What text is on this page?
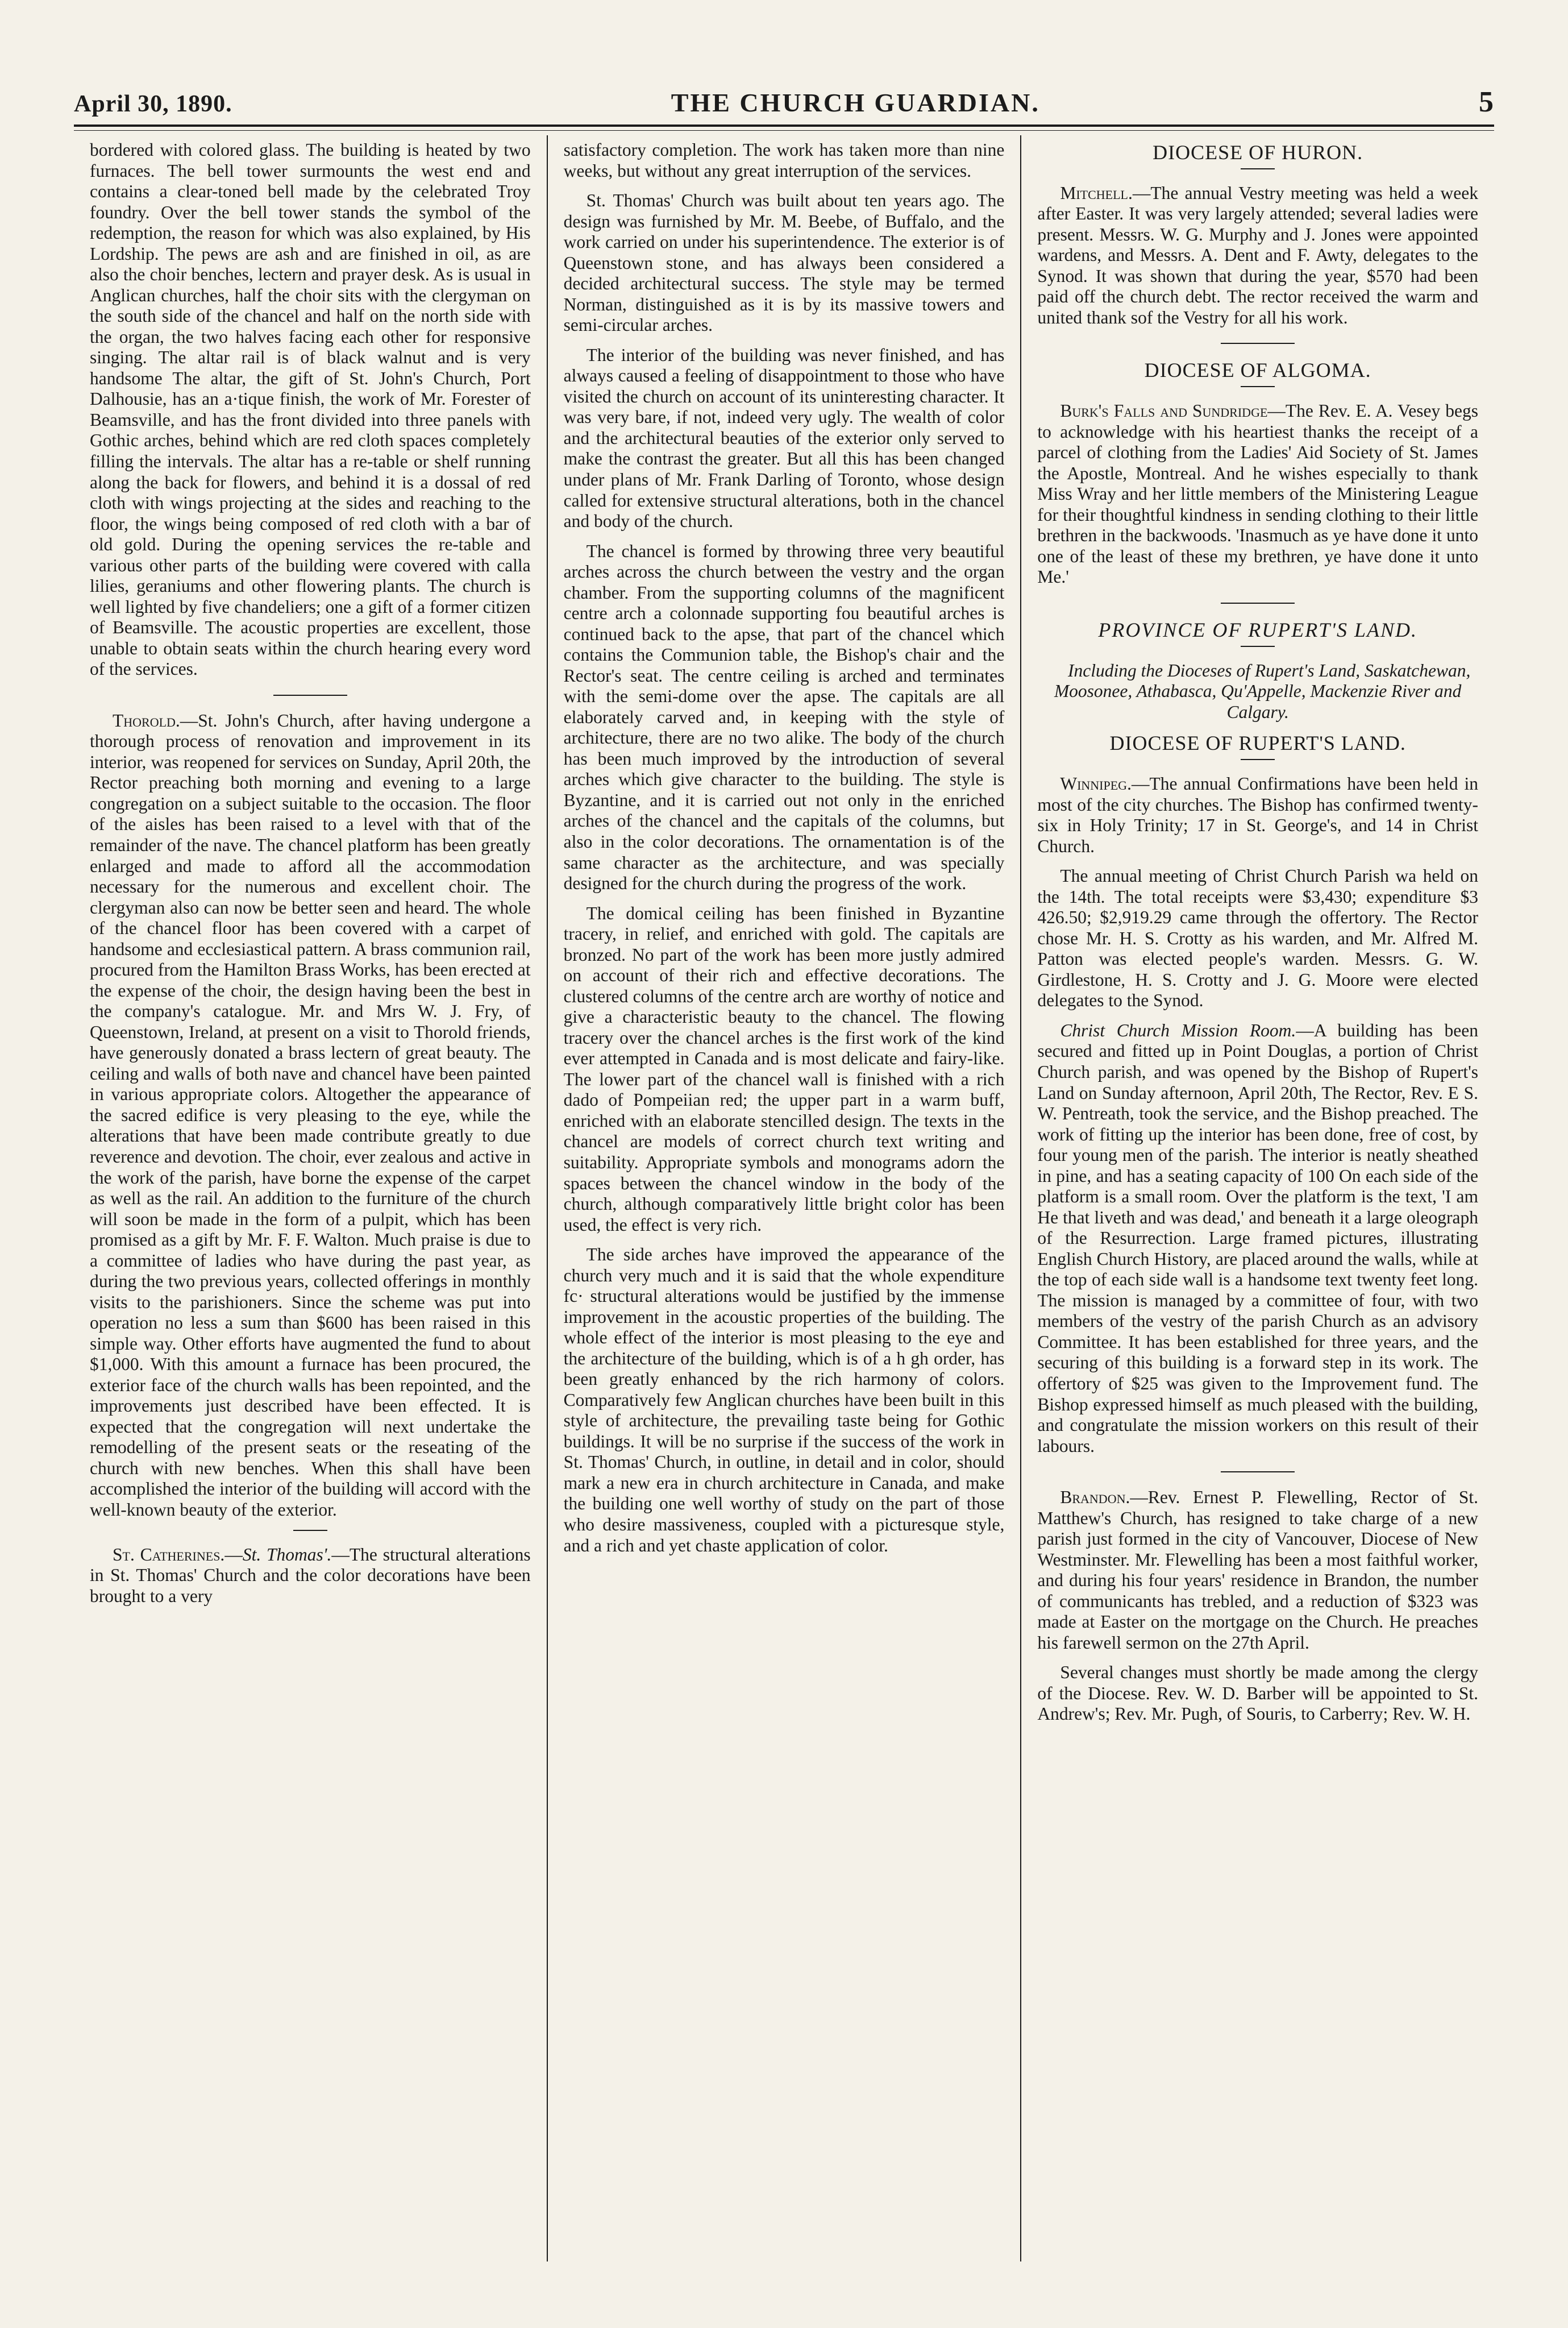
April 30, 1890.	THE CHURCH GUARDIAN.	5

bordered with colored glass. The building is heated by two furnaces. The bell tower surmounts the west end and contains a clear-toned bell made by the celebrated Troy foundry. Over the bell tower stands the symbol of the redemption, the reason for which was also explained, by His Lordship. The pews are ash and are finished in oil, as are also the choir benches, lectern and prayer desk. As is usual in Anglican churches, half the choir sits with the clergyman on the south side of the chancel and half on the north side with the organ, the two halves facing each other for responsive singing. The altar rail is of black walnut and is very handsome The altar, the gift of St. John's Church, Port Dalhousie, has an a·tique finish, the work of Mr. Forester of Beamsville, and has the front divided into three panels with Gothic arches, behind which are red cloth spaces completely filling the intervals. The altar has a re-table or shelf running along the back for flowers, and behind it is a dossal of red cloth with wings projecting at the sides and reaching to the floor, the wings being composed of red cloth with a bar of old gold. During the opening services the re-table and various other parts of the building were covered with calla lilies, geraniums and other flowering plants. The church is well lighted by five chandeliers; one a gift of a former citizen of Beamsville. The acoustic properties are excellent, those unable to obtain seats within the church hearing every word of the services.

Thorold.—St. John's Church, after having undergone a thorough process of renovation and improvement in its interior, was reopened for services on Sunday, April 20th, the Rector preaching both morning and evening to a large congregation on a subject suitable to the occasion. The floor of the aisles has been raised to a level with that of the remainder of the nave. The chancel platform has been greatly enlarged and made to afford all the accommodation necessary for the numerous and excellent choir. The clergyman also can now be better seen and heard. The whole of the chancel floor has been covered with a carpet of handsome and ecclesiastical pattern. A brass communion rail, procured from the Hamilton Brass Works, has been erected at the expense of the choir, the design having been the best in the company's catalogue. Mr. and Mrs W. J. Fry, of Queenstown, Ireland, at present on a visit to Thorold friends, have generously donated a brass lectern of great beauty. The ceiling and walls of both nave and chancel have been painted in various appropriate colors. Altogether the appearance of the sacred edifice is very pleasing to the eye, while the alterations that have been made contribute greatly to due reverence and devotion. The choir, ever zealous and active in the work of the parish, have borne the expense of the carpet as well as the rail. An addition to the furniture of the church will soon be made in the form of a pulpit, which has been promised as a gift by Mr. F. F. Walton. Much praise is due to a committee of ladies who have during the past year, as during the two previous years, collected offerings in monthly visits to the parishioners. Since the scheme was put into operation no less a sum than $600 has been raised in this simple way. Other efforts have augmented the fund to about $1,000. With this amount a furnace has been procured, the exterior face of the church walls has been repointed, and the improvements just described have been effected. It is expected that the congregation will next undertake the remodelling of the present seats or the reseating of the church with new benches. When this shall have been accomplished the interior of the building will accord with the well-known beauty of the exterior.

St. Catherines.—St. Thomas'.—The structural alterations in St. Thomas' Church and the color decorations have been brought to a very

satisfactory completion. The work has taken more than nine weeks, but without any great interruption of the services.

St. Thomas' Church was built about ten years ago. The design was furnished by Mr. M. Beebe, of Buffalo, and the work carried on under his superintendence. The exterior is of Queenstown stone, and has always been considered a decided architectural success. The style may be termed Norman, distinguished as it is by its massive towers and semi-circular arches.

The interior of the building was never finished, and has always caused a feeling of disappointment to those who have visited the church on account of its uninteresting character. It was very bare, if not, indeed very ugly. The wealth of color and the architectural beauties of the exterior only served to make the contrast the greater. But all this has been changed under plans of Mr. Frank Darling of Toronto, whose design called for extensive structural alterations, both in the chancel and body of the church.

The chancel is formed by throwing three very beautiful arches across the church between the vestry and the organ chamber. From the supporting columns of the magnificent centre arch a colonnade supporting fou beautiful arches is continued back to the apse, that part of the chancel which contains the Communion table, the Bishop's chair and the Rector's seat. The centre ceiling is arched and terminates with the semi-dome over the apse. The capitals are all elaborately carved and, in keeping with the style of architecture, there are no two alike. The body of the church has been much improved by the introduction of several arches which give character to the building. The style is Byzantine, and it is carried out not only in the enriched arches of the chancel and the capitals of the columns, but also in the color decorations. The ornamentation is of the same character as the architecture, and was specially designed for the church during the progress of the work.

The domical ceiling has been finished in Byzantine tracery, in relief, and enriched with gold. The capitals are bronzed. No part of the work has been more justly admired on account of their rich and effective decorations. The clustered columns of the centre arch are worthy of notice and give a characteristic beauty to the chancel. The flowing tracery over the chancel arches is the first work of the kind ever attempted in Canada and is most delicate and fairy-like. The lower part of the chancel wall is finished with a rich dado of Pompeiian red; the upper part in a warm buff, enriched with an elaborate stencilled design. The texts in the chancel are models of correct church text writing and suitability. Appropriate symbols and monograms adorn the spaces between the chancel window in the body of the church, although comparatively little bright color has been used, the effect is very rich.

The side arches have improved the appearance of the church very much and it is said that the whole expenditure fc· structural alterations would be justified by the immense improvement in the acoustic properties of the building. The whole effect of the interior is most pleasing to the eye and the architecture of the building, which is of a h gh order, has been greatly enhanced by the rich harmony of colors. Comparatively few Anglican churches have been built in this style of architecture, the prevailing taste being for Gothic buildings. It will be no surprise if the success of the work in St. Thomas' Church, in outline, in detail and in color, should mark a new era in church architecture in Canada, and make the building one well worthy of study on the part of those who desire massiveness, coupled with a picturesque style, and a rich and yet chaste application of color.

DIOCESE OF HURON.

Mitchell.—The annual Vestry meeting was held a week after Easter. It was very largely attended; several ladies were present. Messrs. W. G. Murphy and J. Jones were appointed wardens, and Messrs. A. Dent and F. Awty, delegates to the Synod. It was shown that during the year, $570 had been paid off the church debt. The rector received the warm and united thank sof the Vestry for all his work.

DIOCESE OF ALGOMA.

Burk's Falls and Sundridge—The Rev. E. A. Vesey begs to acknowledge with his heartiest thanks the receipt of a parcel of clothing from the Ladies' Aid Society of St. James the Apostle, Montreal. And he wishes especially to thank Miss Wray and her little members of the Ministering League for their thoughtful kindness in sending clothing to their little brethren in the backwoods. 'Inasmuch as ye have done it unto one of the least of these my brethren, ye have done it unto Me.'

PROVINCE OF RUPERT'S LAND.

Including the Dioceses of Rupert's Land, Saskatchewan, Moosonee, Athabasca, Qu'Appelle, Mackenzie River and Calgary.

DIOCESE OF RUPERT'S LAND.

Winnipeg.—The annual Confirmations have been held in most of the city churches. The Bishop has confirmed twenty-six in Holy Trinity; 17 in St. George's, and 14 in Christ Church.

The annual meeting of Christ Church Parish wa held on the 14th. The total receipts were $3,430; expenditure $3 426.50; $2,919.29 came through the offertory. The Rector chose Mr. H. S. Crotty as his warden, and Mr. Alfred M. Patton was elected people's warden. Messrs. G. W. Girdlestone, H. S. Crotty and J. G. Moore were elected delegates to the Synod.

Christ Church Mission Room.—A building has been secured and fitted up in Point Douglas, a portion of Christ Church parish, and was opened by the Bishop of Rupert's Land on Sunday afternoon, April 20th, The Rector, Rev. E S. W. Pentreath, took the service, and the Bishop preached. The work of fitting up the interior has been done, free of cost, by four young men of the parish. The interior is neatly sheathed in pine, and has a seating capacity of 100 On each side of the platform is a small room. Over the platform is the text, 'I am He that liveth and was dead,' and beneath it a large oleograph of the Resurrection. Large framed pictures, illustrating English Church History, are placed around the walls, while at the top of each side wall is a handsome text twenty feet long. The mission is managed by a committee of four, with two members of the vestry of the parish Church as an advisory Committee. It has been established for three years, and the securing of this building is a forward step in its work. The offertory of $25 was given to the Improvement fund. The Bishop expressed himself as much pleased with the building, and congratulate the mission workers on this result of their labours.

Brandon.—Rev. Ernest P. Flewelling, Rector of St. Matthew's Church, has resigned to take charge of a new parish just formed in the city of Vancouver, Diocese of New Westminster. Mr. Flewelling has been a most faithful worker, and during his four years' residence in Brandon, the number of communicants has trebled, and a reduction of $323 was made at Easter on the mortgage on the Church. He preaches his farewell sermon on the 27th April.

Several changes must shortly be made among the clergy of the Diocese. Rev. W. D. Barber will be appointed to St. Andrew's; Rev. Mr. Pugh, of Souris, to Carberry; Rev. W. H.
